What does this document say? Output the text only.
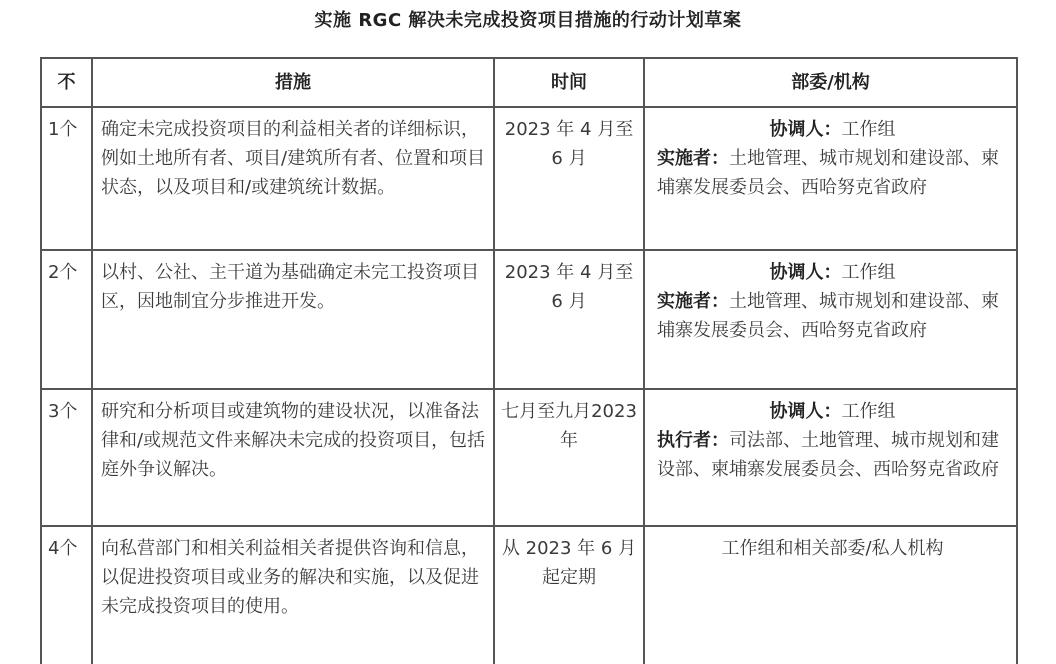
实施 RGC 解决未完成投资项目措施的行动计划草案
不	措施	时间	部委/机构
1个	确定未完成投资项目的利益相关者的详细标识，例如土地所有者、项目/建筑所有者、位置和项目状态，以及项目和/或建筑统计数据。	2023 年 4 月至 6 月	协调人：工作组
实施者：土地管理、城市规划和建设部、柬埔寨发展委员会、西哈努克省政府

2个	以村、公社、主干道为基础确定未完工投资项目区，因地制宜分步推进开发。	2023 年 4 月至 6 月	协调人：工作组
实施者：土地管理、城市规划和建设部、柬埔寨发展委员会、西哈努克省政府

3个	研究和分析项目或建筑物的建设状况，以准备法律和/或规范文件来解决未完成的投资项目，包括庭外争议解决。	七月至九月2023年	协调人：工作组
执行者：司法部、土地管理、城市规划和建设部、柬埔寨发展委员会、西哈努克省政府

4个	向私营部门和相关利益相关者提供咨询和信息，以促进投资项目或业务的解决和实施，以及促进未完成投资项目的使用。	从 2023 年 6 月起定期	工作组和相关部委/私人机构
